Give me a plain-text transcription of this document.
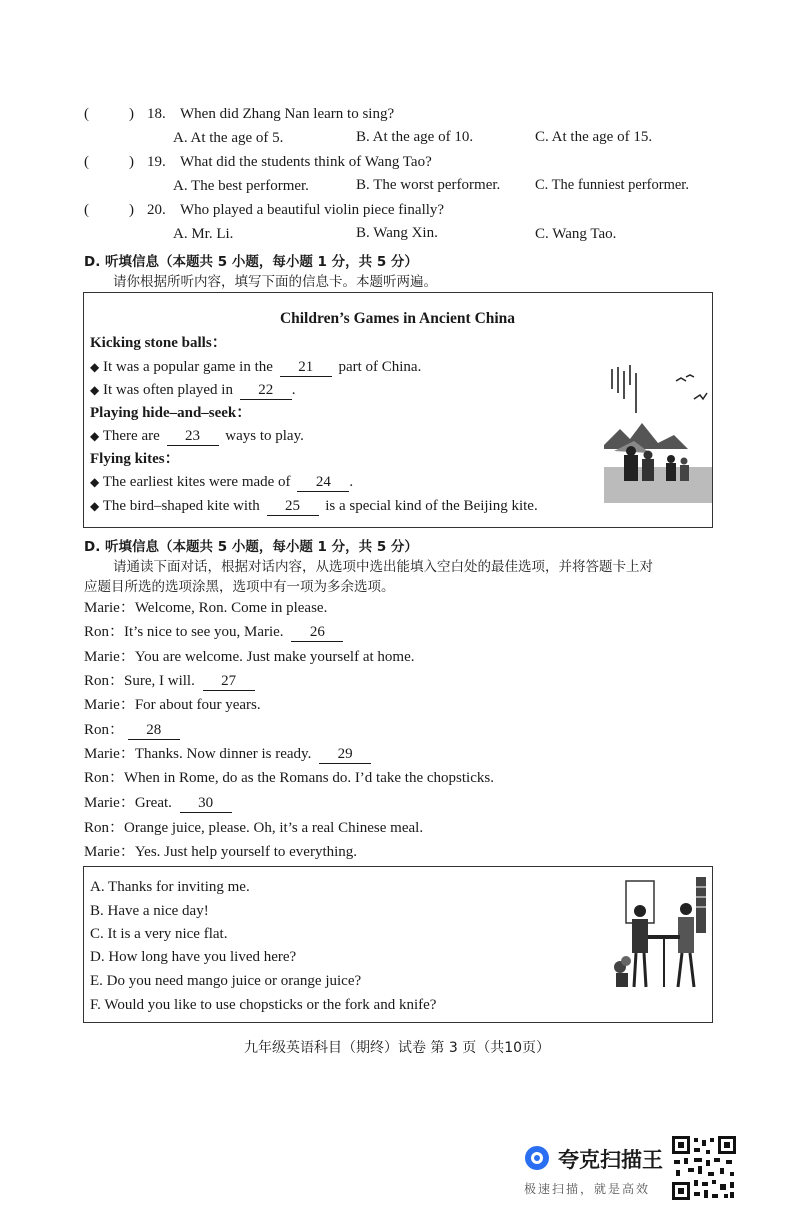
(	) 18. When did Zhang Nan learn to sing?
A. At the age of 5.	B. At the age of 10.	C. At the age of 15.
(	) 19. What did the students think of Wang Tao?
A. The best performer.	B. The worst performer. C. The funniest performer.
(	) 20. Who played a beautiful violin piece finally?
A. Mr. Li.	B. Wang Xin.	C. Wang Tao.
D. 听填信息（本题共 5 小题，每小题 1 分，共 5 分）
请你根据所听内容，填写下面的信息卡。本题听两遍。
Children’s Games in Ancient China
Kicking stone balls：
◆ It was a popular game in the 21 part of China.
◆ It was often played in 22 .
Playing hide–and–seek：
◆ There are 23 ways to play.
Flying kites：
◆ The earliest kites were made of 24 .
◆ The bird–shaped kite with 25 is a special kind of the Beijing kite.
D. 听填信息（本题共 5 小题，每小题 1 分，共 5 分）
请通读下面对话，根据对话内容，从选项中选出能填入空白处的最佳选项，并将答题卡上对
应题目所选的选项涂黑，选项中有一项为多余选项。
Marie：Welcome, Ron. Come in please.
Ron：It’s nice to see you, Marie. 26
Marie：You are welcome. Just make yourself at home.
Ron：Sure, I will. 27
Marie：For about four years.
Ron： 28
Marie：Thanks. Now dinner is ready. 29
Ron：When in Rome, do as the Romans do. I’d take the chopsticks.
Marie：Great. 30
Ron：Orange juice, please. Oh, it’s a real Chinese meal.
Marie：Yes. Just help yourself to everything.
A. Thanks for inviting me.
B. Have a nice day!
C. It is a very nice flat.
D. How long have you lived here?
E. Do you need mango juice or orange juice?
F. Would you like to use chopsticks or the fork and knife?
九年级英语科目（期终）试卷 第 3 页（共10页）
夸克扫描王
极速扫描，就是高效
